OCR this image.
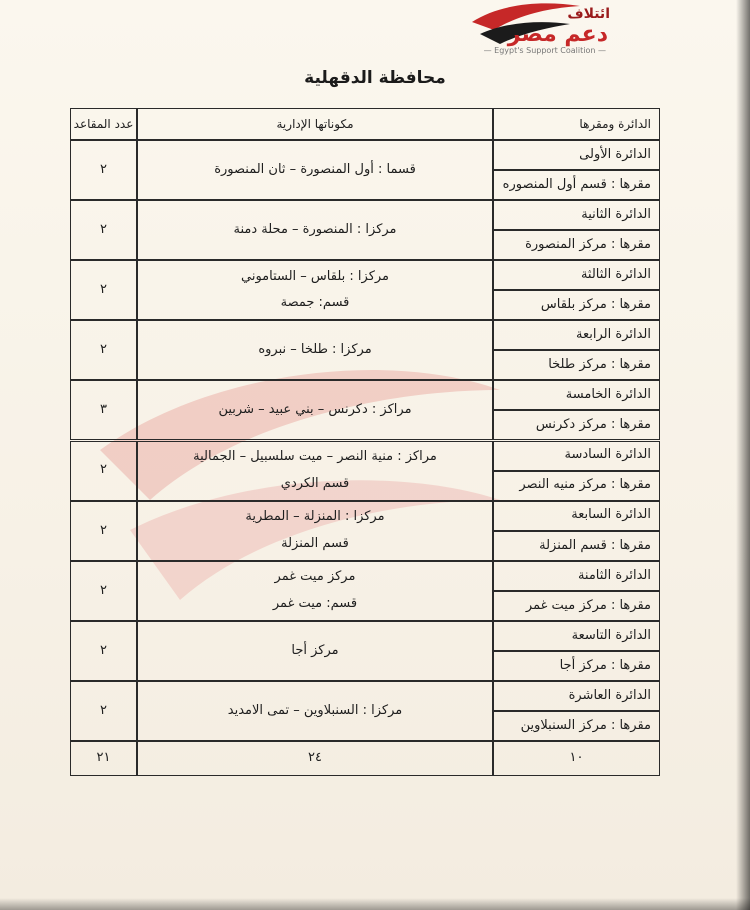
ائتلاف
دعم مصر
— Egypt's Support Coalition —
محافظة الدقهلية
الدائرة ومقرها
مكوناتها الإدارية
عدد المقاعد
الدائرة الأولى
مقرها : قسم أول المنصوره
قسما : أول المنصورة – ثان المنصورة
٢
الدائرة الثانية
مقرها : مركز المنصورة
مركزا : المنصورة – محلة دمنة
٢
الدائرة الثالثة
مقرها : مركز بلقاس
مركزا : بلقاس – الستاموني
قسم: جمصة
٢
الدائرة الرابعة
مقرها : مركز طلخا
مركزا : طلخا – نبروه
٢
الدائرة الخامسة
مقرها : مركز دكرنس
مراكز : دكرنس – بني عبيد – شربين
٣
الدائرة السادسة
مقرها : مركز منيه النصر
مراكز : منية النصر – ميت سلسبيل – الجمالية
قسم الكردي
٢
الدائرة السابعة
مقرها : قسم المنزلة
مركزا : المنزلة – المطرية
قسم المنزلة
٢
الدائرة الثامنة
مقرها : مركز ميت غمر
مركز ميت غمر
قسم: ميت غمر
٢
الدائرة التاسعة
مقرها : مركز أجا
مركز أجا
٢
الدائرة العاشرة
مقرها : مركز السنبلاوين
مركزا : السنبلاوين – تمى الامديد
٢
١٠
٢٤
٢١
